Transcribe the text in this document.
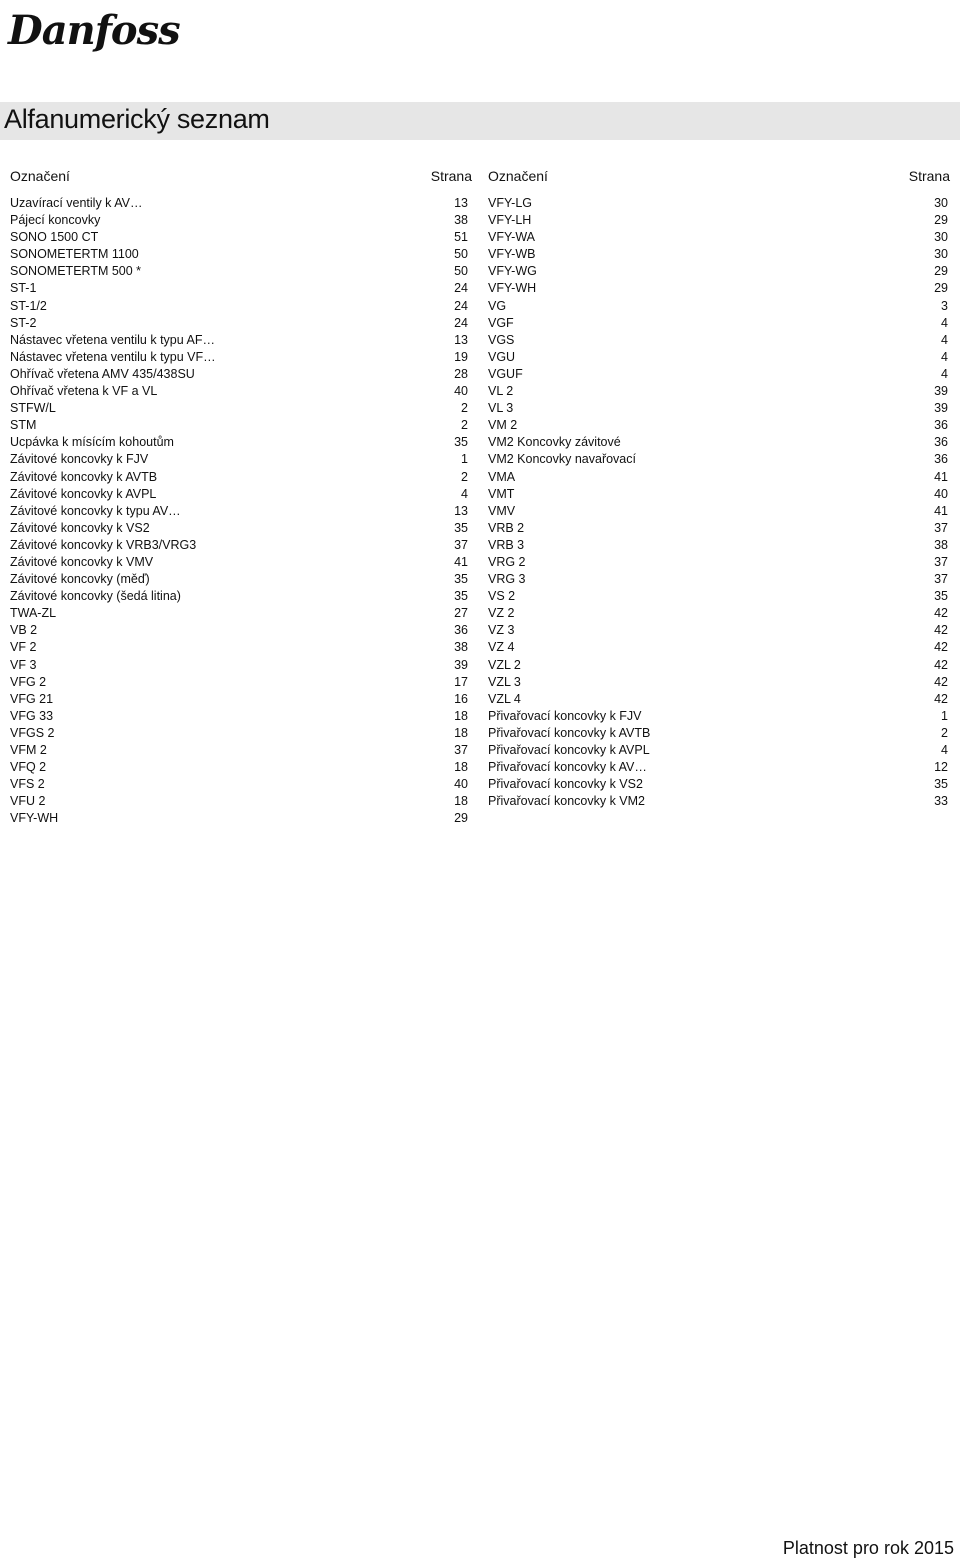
Danfoss
Alfanumerický seznam
Označení	Strana
Uzavírací ventily k AV…	13
Pájecí koncovky	38
SONO 1500 CT	51
SONOMETERTM 1100	50
SONOMETERTM 500 *	50
ST-1	24
ST-1/2	24
ST-2	24
Nástavec vřetena ventilu k typu AF…	13
Nástavec vřetena ventilu k typu VF…	19
Ohřívač vřetena AMV 435/438SU	28
Ohřívač vřetena k VF a VL	40
STFW/L	2
STM	2
Ucpávka k mísícím kohoutům	35
Závitové koncovky k FJV	1
Závitové koncovky k AVTB	2
Závitové koncovky k AVPL	4
Závitové koncovky k typu AV…	13
Závitové koncovky k VS2	35
Závitové koncovky k VRB3/VRG3	37
Závitové koncovky k VMV	41
Závitové koncovky (měď)	35
Závitové koncovky (šedá litina)	35
TWA-ZL	27
VB 2	36
VF 2	38
VF 3	39
VFG 2	17
VFG 21	16
VFG 33	18
VFGS 2	18
VFM 2	37
VFQ 2	18
VFS 2	40
VFU 2	18
VFY-WH	29
Označení	Strana
VFY-LG	30
VFY-LH	29
VFY-WA	30
VFY-WB	30
VFY-WG	29
VFY-WH	29
VG	3
VGF	4
VGS	4
VGU	4
VGUF	4
VL 2	39
VL 3	39
VM 2	36
VM2 Koncovky závitové	36
VM2 Koncovky navařovací	36
VMA	41
VMT	40
VMV	41
VRB 2	37
VRB 3	38
VRG 2	37
VRG 3	37
VS 2	35
VZ 2	42
VZ 3	42
VZ 4	42
VZL 2	42
VZL 3	42
VZL 4	42
Přivařovací koncovky k FJV	1
Přivařovací koncovky k AVTB	2
Přivařovací koncovky k AVPL	4
Přivařovací koncovky k AV…	12
Přivařovací koncovky k VS2	35
Přivařovací koncovky k VM2	33
Platnost pro rok 2015
